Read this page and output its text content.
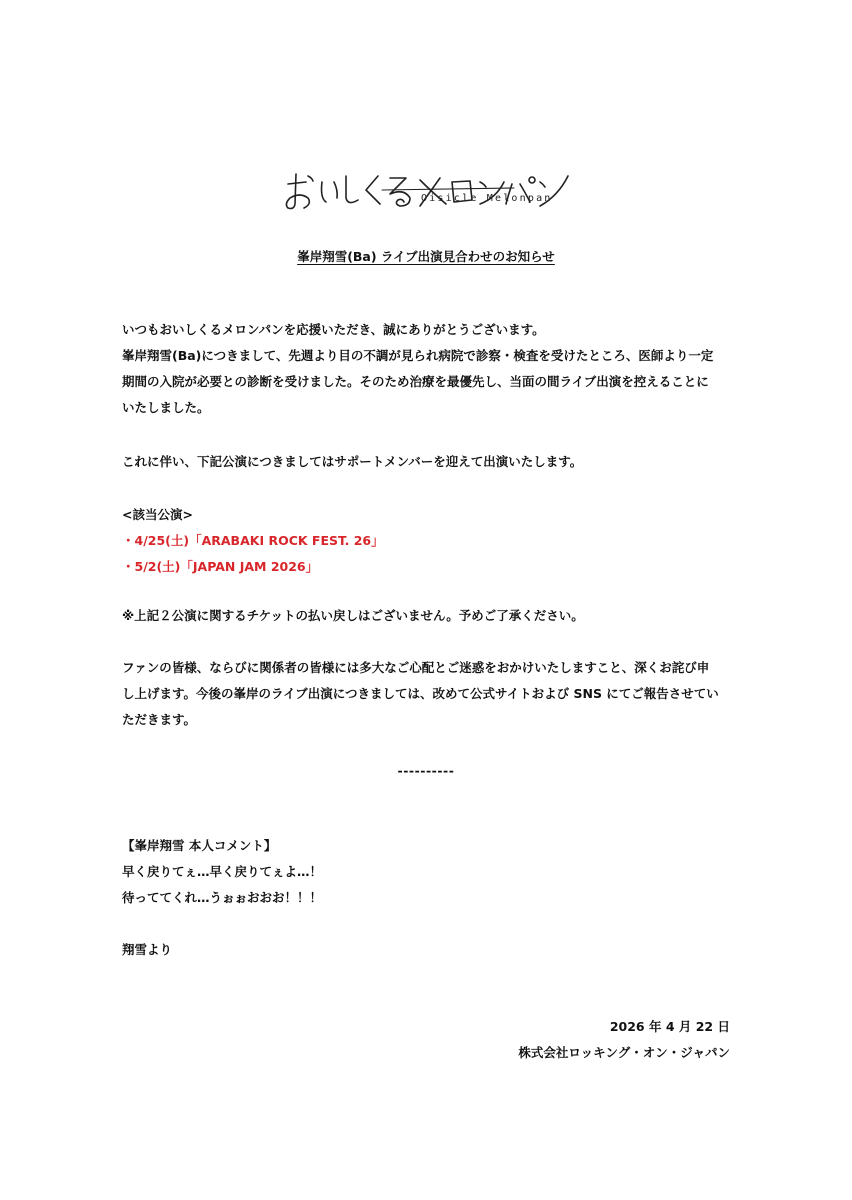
Oisicle Melonpan
峯岸翔雪(Ba) ライブ出演見合わせのお知らせ
いつもおいしくるメロンパンを応援いただき、誠にありがとうございます。
峯岸翔雪(Ba)につきまして、先週より目の不調が見られ病院で診察・検査を受けたところ、医師より一定
期間の入院が必要との診断を受けました。そのため治療を最優先し、当面の間ライブ出演を控えることに
いたしました。
これに伴い、下記公演につきましてはサポートメンバーを迎えて出演いたします。
<該当公演>
・4/25(土)「ARABAKI ROCK FEST. 26」
・5/2(土)「JAPAN JAM 2026」
※上記２公演に関するチケットの払い戻しはございません。予めご了承ください。
ファンの皆様、ならびに関係者の皆様には多大なご心配とご迷惑をおかけいたしますこと、深くお詫び申
し上げます。今後の峯岸のライブ出演につきましては、改めて公式サイトおよび SNS にてご報告させてい
ただきます。
----------
【峯岸翔雪 本人コメント】
早く戻りてぇ…早く戻りてぇよ…！
待っててくれ…うぉぉおおお！！！
翔雪より
2026 年 4 月 22 日
株式会社ロッキング・オン・ジャパン
